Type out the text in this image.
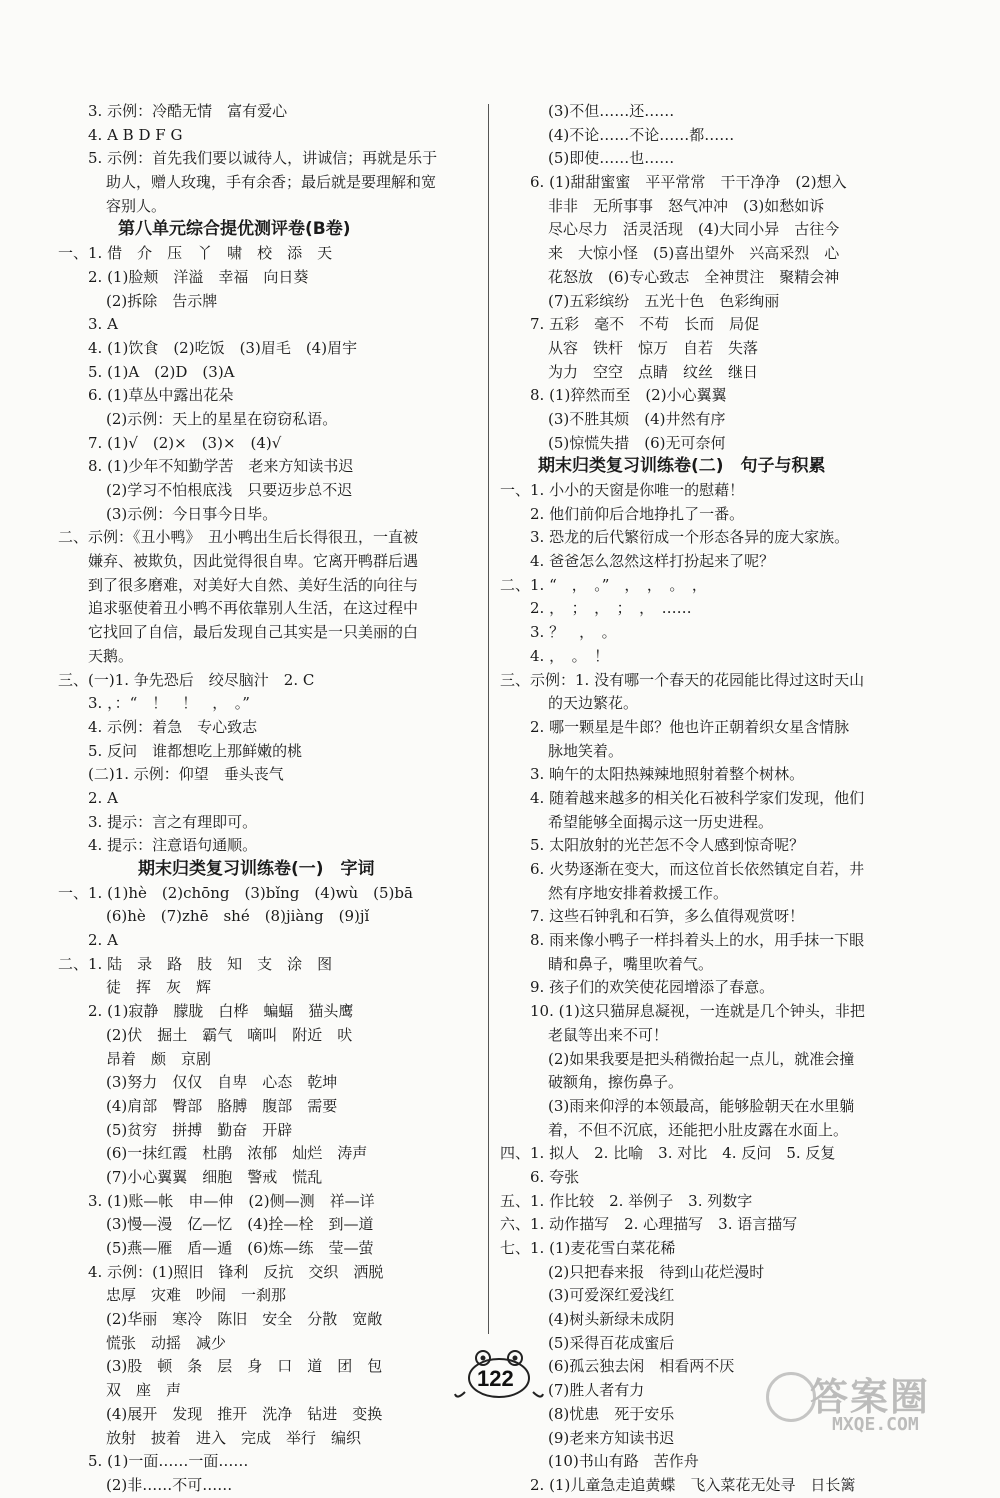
3. 示例：冷酷无情　富有爱心
4. A B D F G
5. 示例：首先我们要以诚待人，讲诚信；再就是乐于
助人，赠人玫瑰，手有余香；最后就是要理解和宽
容别人。
第八单元综合提优测评卷(B卷)
一、1. 借　介　压　丫　啸　校　添　天
2. (1)脸颊　洋溢　幸福　向日葵
(2)拆除　告示牌
3. A
4. (1)饮食　(2)吃饭　(3)眉毛　(4)眉宇
5. (1)A　(2)D　(3)A
6. (1)草丛中露出花朵
(2)示例：天上的星星在窃窃私语。
7. (1)√　(2)×　(3)×　(4)√
8. (1)少年不知勤学苦　老来方知读书迟
(2)学习不怕根底浅　只要迈步总不迟
(3)示例：今日事今日毕。
二、示例：《丑小鸭》　丑小鸭出生后长得很丑，一直被
嫌弃、被欺负，因此觉得很自卑。它离开鸭群后遇
到了很多磨难，对美好大自然、美好生活的向往与
追求驱使着丑小鸭不再依靠别人生活，在这过程中
它找回了自信，最后发现自己其实是一只美丽的白
天鹅。
三、(一)1. 争先恐后　绞尽脑汁　2. C
3. ，：“　！　！　，　。”
4. 示例：着急　专心致志
5. 反问　谁都想吃上那鲜嫩的桃
(二)1. 示例：仰望　垂头丧气
2. A
3. 提示：言之有理即可。
4. 提示：注意语句通顺。
期末归类复习训练卷(一)　字词
一、1. (1)hè　(2)chōng　(3)bǐng　(4)wù　(5)bā
(6)hè　(7)zhē　shé　(8)jiàng　(9)jǐ
2. A
二、1. 陆　录　路　肢　知　支　涂　图
徒　挥　灰　辉
2. (1)寂静　朦胧　白桦　蝙蝠　猫头鹰
(2)伏　掘土　霸气　嘀叫　附近　吠
昂着　颇　京剧
(3)努力　仅仅　自卑　心态　乾坤
(4)肩部　臀部　胳膊　腹部　需要
(5)贫穷　拼搏　勤奋　开辟
(6)一抹红霞　杜鹃　浓郁　灿烂　涛声
(7)小心翼翼　细胞　警戒　慌乱
3. (1)账—帐　申—伸　(2)侧—测　祥—详
(3)慢—漫　亿—忆　(4)拴—栓　到—道
(5)燕—雁　盾—遁　(6)炼—练　莹—萤
4. 示例：(1)照旧　锋利　反抗　交织　洒脱
忠厚　灾难　吵闹　一刹那
(2)华丽　寒冷　陈旧　安全　分散　宽敞
慌张　动摇　减少
(3)股　顿　条　层　身　口　道　团　包
双　座　声
(4)展开　发现　推开　洗净　钻进　变换
放射　披着　进入　完成　举行　编织
5. (1)一面……一面……
(2)非……不可……
(3)不但……还……
(4)不论……不论……都……
(5)即使……也……
6. (1)甜甜蜜蜜　平平常常　干干净净　(2)想入
非非　无所事事　怒气冲冲　(3)如愁如诉
尽心尽力　活灵活现　(4)大同小异　古往今
来　大惊小怪　(5)喜出望外　兴高采烈　心
花怒放　(6)专心致志　全神贯注　聚精会神
(7)五彩缤纷　五光十色　色彩绚丽
7. 五彩　毫不　不苟　长而　局促
从容　铁杆　惊万　自若　失落
为力　空空　点睛　纹丝　继日
8. (1)猝然而至　(2)小心翼翼
(3)不胜其烦　(4)井然有序
(5)惊慌失措　(6)无可奈何
期末归类复习训练卷(二)　句子与积累
一、1. 小小的天窗是你唯一的慰藉！
2. 他们前仰后合地挣扎了一番。
3. 恐龙的后代繁衍成一个形态各异的庞大家族。
4. 爸爸怎么忽然这样打扮起来了呢？
二、1. “　，　。”　，　，　。　，
2. ，　；　，　；　，　……
3. ？　，　。
4. ，　。　！
三、示例：1. 没有哪一个春天的花园能比得过这时天山
的天边繁花。
2. 哪一颗星是牛郎？他也许正朝着织女星含情脉
脉地笑着。
3. 晌午的太阳热辣辣地照射着整个树林。
4. 随着越来越多的相关化石被科学家们发现，他们
希望能够全面揭示这一历史进程。
5. 太阳放射的光芒怎不令人感到惊奇呢？
6. 火势逐渐在变大，而这位首长依然镇定自若，井
然有序地安排着救援工作。
7. 这些石钟乳和石笋，多么值得观赏呀！
8. 雨来像小鸭子一样抖着头上的水，用手抹一下眼
睛和鼻子，嘴里吹着气。
9. 孩子们的欢笑使花园增添了春意。
10. (1)这只猫屏息凝视，一连就是几个钟头，非把
老鼠等出来不可！
(2)如果我要是把头稍微抬起一点儿，就准会撞
破额角，擦伤鼻子。
(3)雨来仰浮的本领最高，能够脸朝天在水里躺
着，不但不沉底，还能把小肚皮露在水面上。
四、1. 拟人　2. 比喻　3. 对比　4. 反问　5. 反复
6. 夸张
五、1. 作比较　2. 举例子　3. 列数字
六、1. 动作描写　2. 心理描写　3. 语言描写
七、1. (1)麦花雪白菜花稀
(2)只把春来报　待到山花烂漫时
(3)可爱深红爱浅红
(4)树头新绿未成阴
(5)采得百花成蜜后
(6)孤云独去闲　相看两不厌
(7)胜人者有力
(8)忧患　死于安乐
(9)老来方知读书迟
(10)书山有路　苦作舟
2. (1)儿童急走追黄蝶　飞入菜花无处寻　日长篱
122	答案圈
MXQE.COM
